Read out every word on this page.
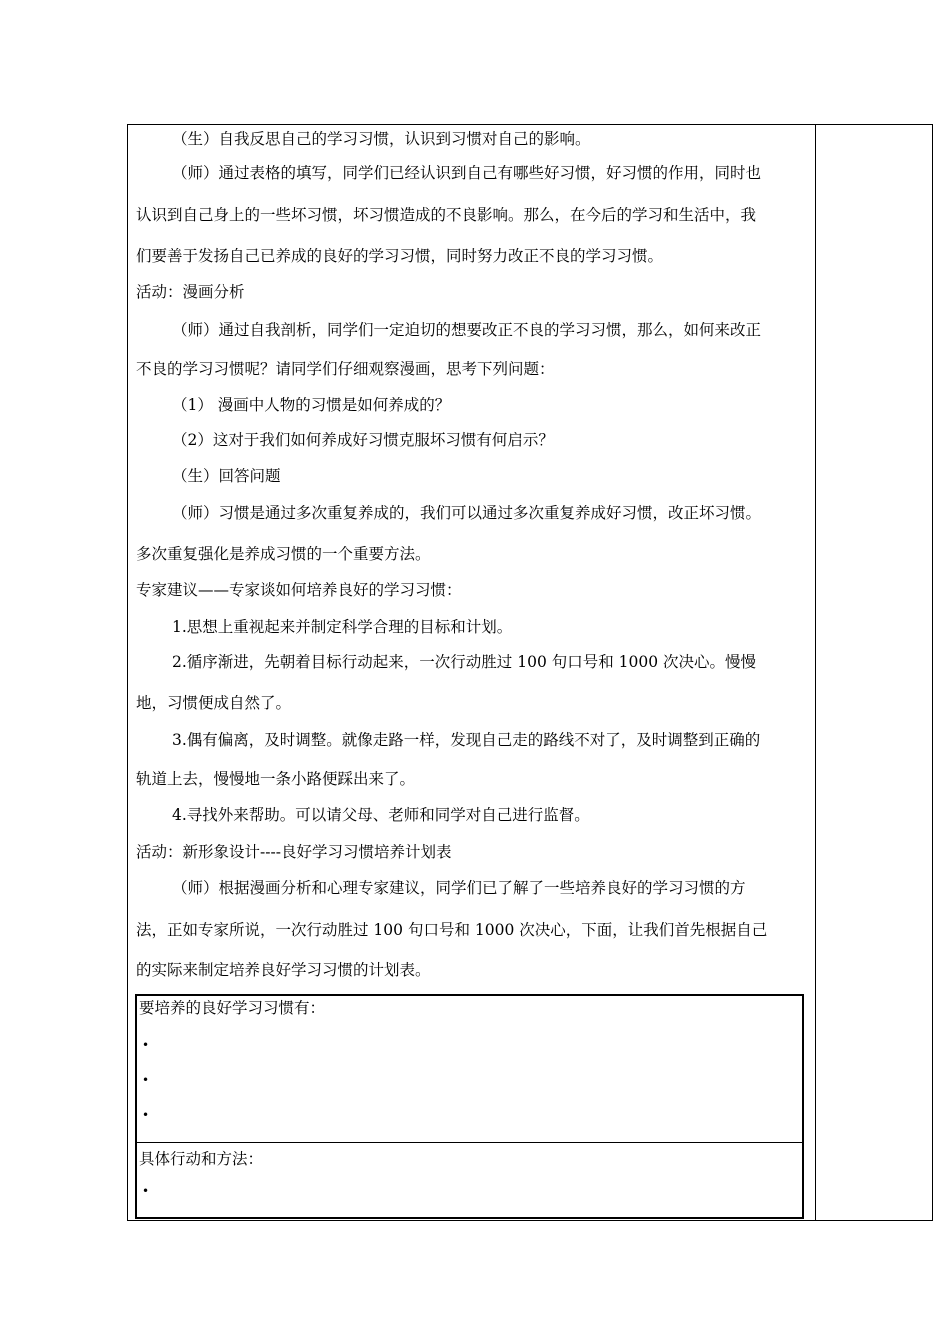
（生）自我反思自己的学习习惯，认识到习惯对自己的影响。
（师）通过表格的填写，同学们已经认识到自己有哪些好习惯，好习惯的作用，同时也
认识到自己身上的一些坏习惯，坏习惯造成的不良影响。那么，在今后的学习和生活中，我
们要善于发扬自己已养成的良好的学习习惯，同时努力改正不良的学习习惯。
活动：漫画分析
（师）通过自我剖析，同学们一定迫切的想要改正不良的学习习惯，那么，如何来改正
不良的学习习惯呢？请同学们仔细观察漫画，思考下列问题：
（1） 漫画中人物的习惯是如何养成的？
（2）这对于我们如何养成好习惯克服坏习惯有何启示？
（生）回答问题
（师）习惯是通过多次重复养成的，我们可以通过多次重复养成好习惯，改正坏习惯。
多次重复强化是养成习惯的一个重要方法。
专家建议——专家谈如何培养良好的学习习惯：
1.思想上重视起来并制定科学合理的目标和计划。
2.循序渐进，先朝着目标行动起来，一次行动胜过 100 句口号和 1000 次决心。慢慢
地，习惯便成自然了。
3.偶有偏离，及时调整。就像走路一样，发现自己走的路线不对了，及时调整到正确的
轨道上去，慢慢地一条小路便踩出来了。
4.寻找外来帮助。可以请父母、老师和同学对自己进行监督。
活动：新形象设计----良好学习习惯培养计划表
（师）根据漫画分析和心理专家建议，同学们已了解了一些培养良好的学习习惯的方
法，正如专家所说，一次行动胜过 100 句口号和 1000 次决心，下面，让我们首先根据自己
的实际来制定培养良好学习习惯的计划表。
要培养的良好学习习惯有：
•
•
•
具体行动和方法：
•
